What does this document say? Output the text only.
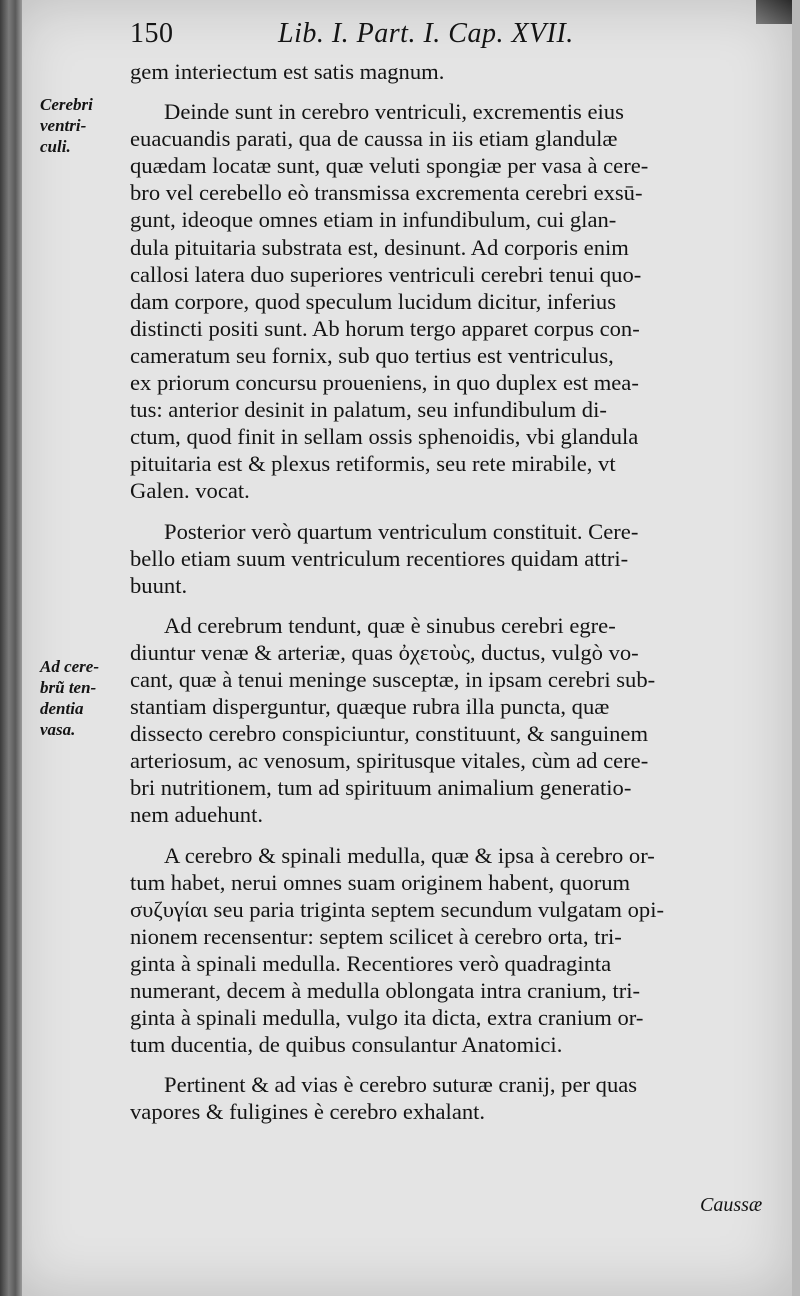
150	Lib. I. Part. I. Cap. XVII.
Cerebri
ventri-
culi.
Ad cere-
brũ ten-
dentia
vasa.
gem interiectum est satis magnum.
Deinde sunt in cerebro ventriculi, excrementis eius
euacuandis parati, qua de caussa in iis etiam glandulæ
quædam locatæ sunt, quæ veluti spongiæ per vasa à cere-
bro vel cerebello eò transmissa excrementa cerebri exsū-
gunt, ideoque omnes etiam in infundibulum, cui glan-
dula pituitaria substrata est, desinunt. Ad corporis enim
callosi latera duo superiores ventriculi cerebri tenui quo-
dam corpore, quod speculum lucidum dicitur, inferius
distincti positi sunt. Ab horum tergo apparet corpus con-
cameratum seu fornix, sub quo tertius est ventriculus,
ex priorum concursu proueniens, in quo duplex est mea-
tus: anterior desinit in palatum, seu infundibulum di-
ctum, quod finit in sellam ossis sphenoidis, vbi glandula
pituitaria est & plexus retiformis, seu rete mirabile, vt
Galen. vocat.
Posterior verò quartum ventriculum constituit. Cere-
bello etiam suum ventriculum recentiores quidam attri-
buunt.
Ad cerebrum tendunt, quæ è sinubus cerebri egre-
diuntur venæ & arteriæ, quas ὀχετοὺς, ductus, vulgò vo-
cant, quæ à tenui meninge susceptæ, in ipsam cerebri sub-
stantiam disperguntur, quæque rubra illa puncta, quæ
dissecto cerebro conspiciuntur, constituunt, & sanguinem
arteriosum, ac venosum, spiritusque vitales, cùm ad cere-
bri nutritionem, tum ad spirituum animalium generatio-
nem aduehunt.
A cerebro & spinali medulla, quæ & ipsa à cerebro or-
tum habet, nerui omnes suam originem habent, quorum
συζυγίαι seu paria triginta septem secundum vulgatam opi-
nionem recensentur: septem scilicet à cerebro orta, tri-
ginta à spinali medulla. Recentiores verò quadraginta
numerant, decem à medulla oblongata intra cranium, tri-
ginta à spinali medulla, vulgo ita dicta, extra cranium or-
tum ducentia, de quibus consulantur Anatomici.
Pertinent & ad vias è cerebro suturæ cranij, per quas
vapores & fuligines è cerebro exhalant.
Caussæ
